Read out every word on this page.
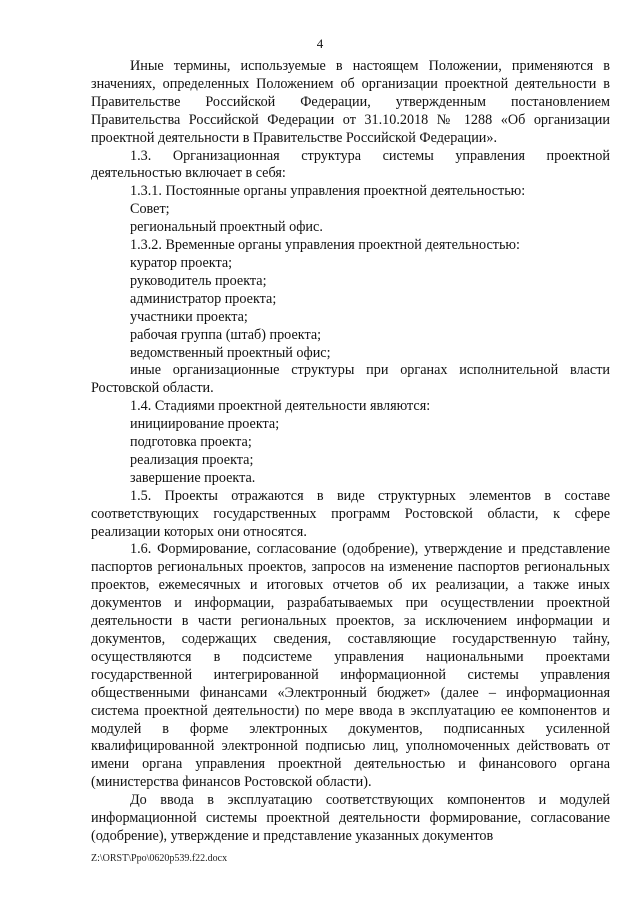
4

Иные термины, используемые в настоящем Положении, применяются в значениях, определенных Положением об организации проектной деятельности в Правительстве Российской Федерации, утвержденным постановлением Правительства Российской Федерации от 31.10.2018 № 1288 «Об организации проектной деятельности в Правительстве Российской Федерации».

1.3. Организационная структура системы управления проектной деятельностью включает в себя:

1.3.1. Постоянные органы управления проектной деятельностью:

Совет;

региональный проектный офис.

1.3.2. Временные органы управления проектной деятельностью:

куратор проекта;

руководитель проекта;

администратор проекта;

участники проекта;

рабочая группа (штаб) проекта;

ведомственный проектный офис;

иные организационные структуры при органах исполнительной власти Ростовской области.

1.4. Стадиями проектной деятельности являются:

инициирование проекта;

подготовка проекта;

реализация проекта;

завершение проекта.

1.5. Проекты отражаются в виде структурных элементов в составе соответствующих государственных программ Ростовской области, к сфере реализации которых они относятся.

1.6. Формирование, согласование (одобрение), утверждение и представление паспортов региональных проектов, запросов на изменение паспортов региональных проектов, ежемесячных и итоговых отчетов об их реализации, а также иных документов и информации, разрабатываемых при осуществлении проектной деятельности в части региональных проектов, за исключением информации и документов, содержащих сведения, составляющие государственную тайну, осуществляются в подсистеме управления национальными проектами государственной интегрированной информационной системы управления общественными финансами «Электронный бюджет» (далее – информационная система проектной деятельности) по мере ввода в эксплуатацию ее компонентов и модулей в форме электронных документов, подписанных усиленной квалифицированной электронной подписью лиц, уполномоченных действовать от имени органа управления проектной деятельностью и финансового органа (министерства финансов Ростовской области).

До ввода в эксплуатацию соответствующих компонентов и модулей информационной системы проектной деятельности формирование, согласование (одобрение), утверждение и представление указанных документов

Z:\ORST\Ppo\0620p539.f22.docx
